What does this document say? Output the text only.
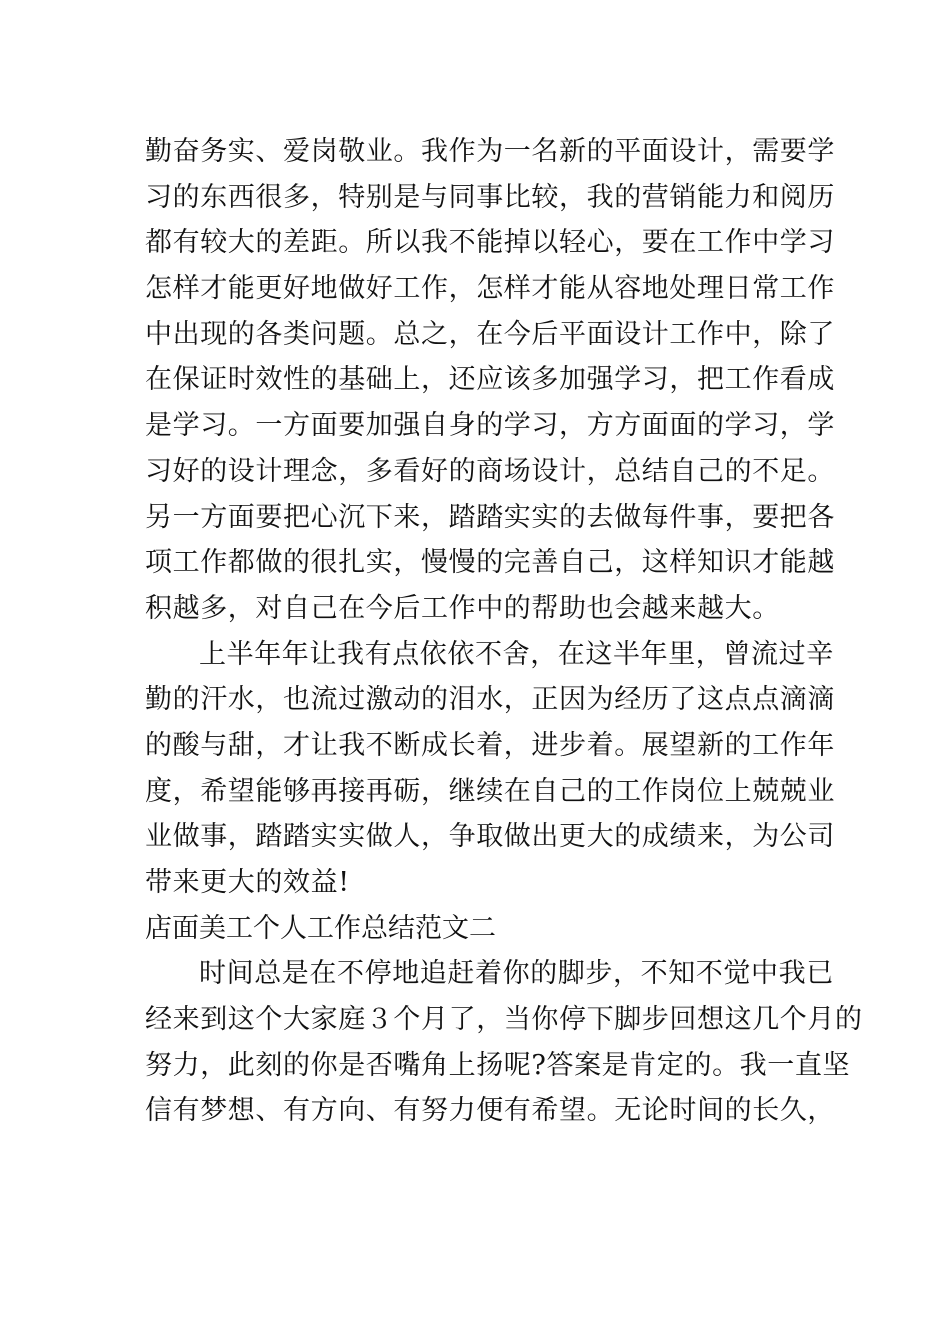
勤奋务实、爱岗敬业。我作为一名新的平面设计，需要学
习的东西很多，特别是与同事比较，我的营销能力和阅历
都有较大的差距。所以我不能掉以轻心，要在工作中学习
怎样才能更好地做好工作，怎样才能从容地处理日常工作
中出现的各类问题。总之，在今后平面设计工作中，除了
在保证时效性的基础上，还应该多加强学习，把工作看成
是学习。一方面要加强自身的学习，方方面面的学习，学
习好的设计理念，多看好的商场设计，总结自己的不足。
另一方面要把心沉下来，踏踏实实的去做每件事，要把各
项工作都做的很扎实，慢慢的完善自己，这样知识才能越
积越多，对自己在今后工作中的帮助也会越来越大。
上半年年让我有点依依不舍，在这半年里，曾流过辛
勤的汗水，也流过激动的泪水，正因为经历了这点点滴滴
的酸与甜，才让我不断成长着，进步着。展望新的工作年
度，希望能够再接再砺，继续在自己的工作岗位上兢兢业
业做事，踏踏实实做人，争取做出更大的成绩来，为公司
带来更大的效益!
店面美工个人工作总结范文二
时间总是在不停地追赶着你的脚步，不知不觉中我已
经来到这个大家庭３个月了，当你停下脚步回想这几个月的
努力，此刻的你是否嘴角上扬呢?答案是肯定的。我一直坚
信有梦想、有方向、有努力便有希望。无论时间的长久，
